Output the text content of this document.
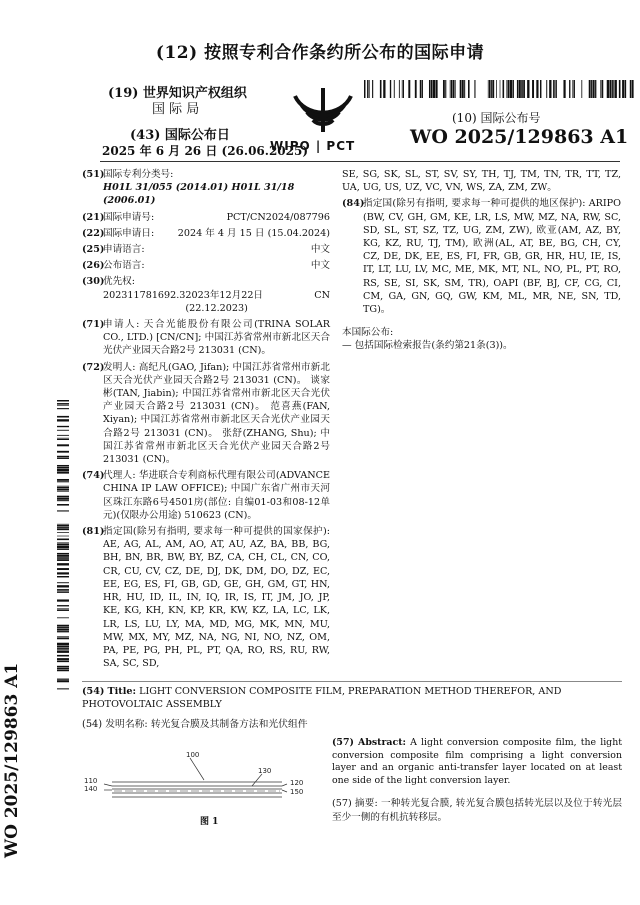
(12) 按照专利合作条约所公布的国际申请
(19) 世界知识产权组织
国 际 局
(43) 国际公布日
2025 年 6 月 26 日 (26.06.2025)
WIPO | PCT
(10) 国际公布号
WO 2025/129863 A1
WO 2025/129863 A1
(51)
国际专利分类号:
H01L 31/055 (2014.01) H01L 31/18 (2006.01)
(21)
国际申请号:	PCT/CN2024/087796
(22)
国际申请日: 2024 年 4 月 15 日 (15.04.2024)
(25)
申请语言:	中文
(26)
公布语言:	中文
(30)
优先权:
202311781692.3 2023年12月22日 (22.12.2023)
CN
(71)
申请人: 天合光能股份有限公司(TRINA SOLAR CO., LTD.) [CN/CN]; 中国江苏省常州市新北区天合光伏产业园天合路2号 213031 (CN)。
(72)
发明人: 高纪凡(GAO, Jifan); 中国江苏省常州市新北区天合光伏产业园天合路2号 213031 (CN)。 谈家彬(TAN, Jiabin); 中国江苏省常州市新北区天合光伏产业园天合路2号 213031 (CN)。 范喜燕(FAN, Xiyan); 中国江苏省常州市新北区天合光伏产业园天合路2号 213031 (CN)。 张舒(ZHANG, Shu); 中国江苏省常州市新北区天合光伏产业园天合路2号 213031 (CN)。
(74)
代理人: 华进联合专利商标代理有限公司(ADVANCE CHINA IP LAW OFFICE); 中国广东省广州市天河区珠江东路6号4501房(部位: 自编01-03和08-12单元)(仅限办公用途) 510623 (CN)。
(81)
指定国(除另有指明, 要求每一种可提供的国家保护): AE, AG, AL, AM, AO, AT, AU, AZ, BA, BB, BG, BH, BN, BR, BW, BY, BZ, CA, CH, CL, CN, CO, CR, CU, CV, CZ, DE, DJ, DK, DM, DO, DZ, EC, EE, EG, ES, FI, GB, GD, GE, GH, GM, GT, HN, HR, HU, ID, IL, IN, IQ, IR, IS, IT, JM, JO, JP, KE, KG, KH, KN, KP, KR, KW, KZ, LA, LC, LK, LR, LS, LU, LY, MA, MD, MG, MK, MN, MU, MW, MX, MY, MZ, NA, NG, NI, NO, NZ, OM, PA, PE, PG, PH, PL, PT, QA, RO, RS, RU, RW, SA, SC, SD,
SE, SG, SK, SL, ST, SV, SY, TH, TJ, TM, TN, TR, TT, TZ, UA, UG, US, UZ, VC, VN, WS, ZA, ZM, ZW。
(84)
指定国(除另有指明, 要求每一种可提供的地区保护): ARIPO (BW, CV, GH, GM, KE, LR, LS, MW, MZ, NA, RW, SC, SD, SL, ST, SZ, TZ, UG, ZM, ZW), 欧亚(AM, AZ, BY, KG, KZ, RU, TJ, TM), 欧洲(AL, AT, BE, BG, CH, CY, CZ, DE, DK, EE, ES, FI, FR, GB, GR, HR, HU, IE, IS, IT, LT, LU, LV, MC, ME, MK, MT, NL, NO, PL, PT, RO, RS, SE, SI, SK, SM, TR), OAPI (BF, BJ, CF, CG, CI, CM, GA, GN, GQ, GW, KM, ML, MR, NE, SN, TD, TG)。
本国际公布:
— 包括国际检索报告(条约第21条(3))。
(54) Title: LIGHT CONVERSION COMPOSITE FILM, PREPARATION METHOD THEREFOR, AND PHOTOVOLTAIC ASSEMBLY
(54) 发明名称: 转光复合膜及其制备方法和光伏组件
100
110
140
130
120
150
图 1
(57) Abstract: A light conversion composite film, the light conversion composite film comprising a light conversion layer and an organic anti-transfer layer located on at least one side of the light conversion layer.
(57) 摘要: 一种转光复合膜, 转光复合膜包括转光层以及位于转光层至少一侧的有机抗转移层。
